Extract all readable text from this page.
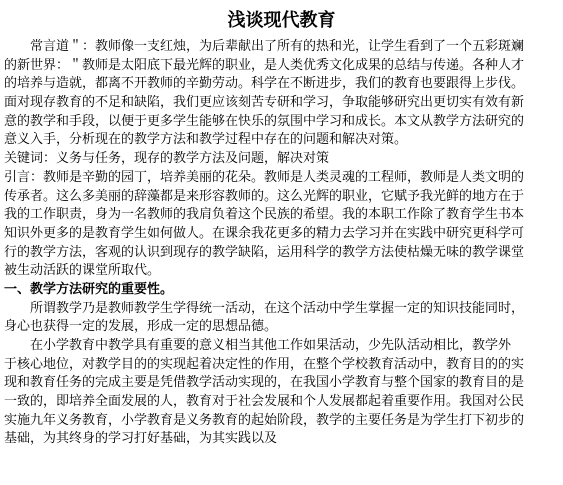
浅谈现代教育
　　常言道＂：教师像一支红烛，为后辈献出了所有的热和光，让学生看到了一个五彩斑斓
的新世界：＂教师是太阳底下最光辉的职业，是人类优秀文化成果的总结与传递。各种人才
的培养与造就，都离不开教师的辛勤劳动。科学在不断进步，我们的教育也要跟得上步伐。
面对现存教育的不足和缺陷，我们更应该刻苦专研和学习，争取能够研究出更切实有效有新
意的教学和手段，以便于更多学生能够在快乐的氛围中学习和成长。本文从教学方法研究的
意义入手，分析现在的教学方法和教学过程中存在的问题和解决对策。
关键词：义务与任务，现存的教学方法及问题，解决对策
引言：教师是辛勤的园丁，培养美丽的花朵。教师是人类灵魂的工程师，教师是人类文明的
传承者。这么多美丽的辞藻都是来形容教师的。这么光辉的职业，它赋予我光鲜的地方在于
我的工作职责，身为一名教师的我肩负着这个民族的希望。我的本职工作除了教育学生书本
知识外更多的是教育学生如何做人。在课余我花更多的精力去学习并在实践中研究更科学可
行的教学方法，客观的认识到现存的教学缺陷，运用科学的教学方法使枯燥无味的教学课堂
被生动活跃的课堂所取代。
一、教学方法研究的重要性。
　　所谓教学乃是教师教学生学得统一活动，在这个活动中学生掌握一定的知识技能同时，
身心也获得一定的发展，形成一定的思想品德。
　　在小学教育中教学具有重要的意义相当其他工作如果活动，少先队活动相比，教学外
于核心地位，对教学目的的实现起着决定性的作用，在整个学校教育活动中，教育目的的实
现和教育任务的完成主要是凭借教学活动实现的，在我国小学教育与整个国家的教育目的是
一致的，即培养全面发展的人，教育对于社会发展和个人发展都起着重要作用。我国对公民
实施九年义务教育，小学教育是义务教育的起始阶段，教学的主要任务是为学生打下初步的
基础，为其终身的学习打好基础，为其实践以及
